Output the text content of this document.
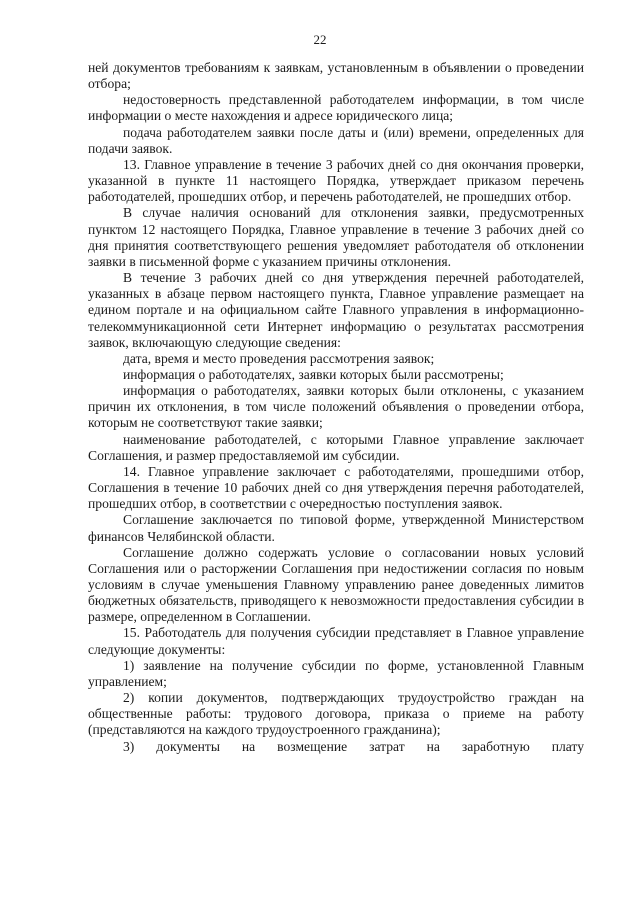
22

ней документов требованиям к заявкам, установленным в объявлении о проведении отбора;

недостоверность представленной работодателем информации, в том числе информации о месте нахождения и адресе юридического лица;

подача работодателем заявки после даты и (или) времени, определенных для подачи заявок.

13. Главное управление в течение 3 рабочих дней со дня окончания проверки, указанной в пункте 11 настоящего Порядка, утверждает приказом перечень работодателей, прошедших отбор, и перечень работодателей, не прошедших отбор.

В случае наличия оснований для отклонения заявки, предусмотренных пунктом 12 настоящего Порядка, Главное управление в течение 3 рабочих дней со дня принятия соответствующего решения уведомляет работодателя об отклонении заявки в письменной форме с указанием причины отклонения.

В течение 3 рабочих дней со дня утверждения перечней работодателей, указанных в абзаце первом настоящего пункта, Главное управление размещает на едином портале и на официальном сайте Главного управления в информационно-телекоммуникационной сети Интернет информацию о результатах рассмотрения заявок, включающую следующие сведения:

дата, время и место проведения рассмотрения заявок;

информация о работодателях, заявки которых были рассмотрены;

информация о работодателях, заявки которых были отклонены, с указанием причин их отклонения, в том числе положений объявления о проведении отбора, которым не соответствуют такие заявки;

наименование работодателей, с которыми Главное управление заключает Соглашения, и размер предоставляемой им субсидии.

14. Главное управление заключает с работодателями, прошедшими отбор, Соглашения в течение 10 рабочих дней со дня утверждения перечня работодателей, прошедших отбор, в соответствии с очередностью поступления заявок.

Соглашение заключается по типовой форме, утвержденной Министерством финансов Челябинской области.

Соглашение должно содержать условие о согласовании новых условий Соглашения или о расторжении Соглашения при недостижении согласия по новым условиям в случае уменьшения Главному управлению ранее доведенных лимитов бюджетных обязательств, приводящего к невозможности предоставления субсидии в размере, определенном в Соглашении.

15. Работодатель для получения субсидии представляет в Главное управление следующие документы:

1) заявление на получение субсидии по форме, установленной Главным управлением;

2) копии документов, подтверждающих трудоустройство граждан на общественные работы: трудового договора, приказа о приеме на работу (представляются на каждого трудоустроенного гражданина);

3) документы на возмещение затрат на заработную плату
